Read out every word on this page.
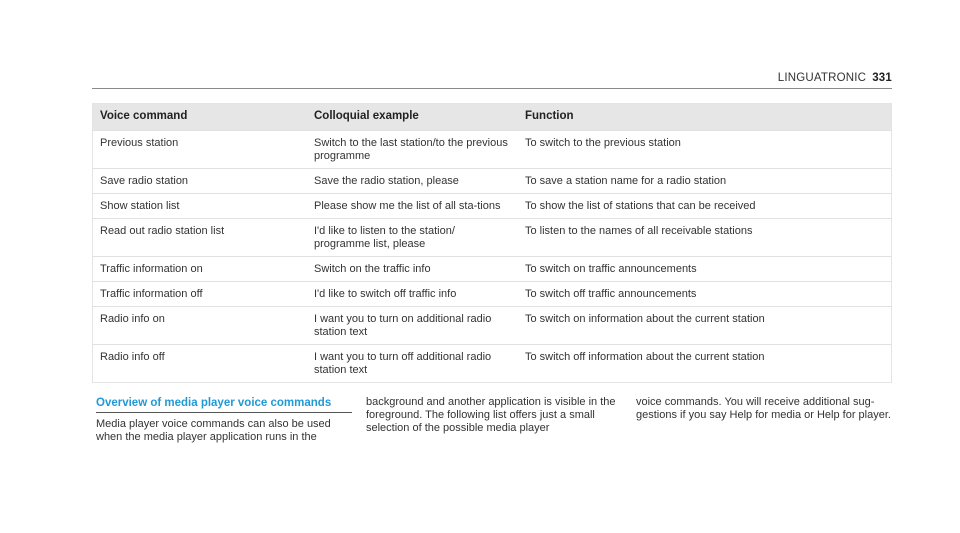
LINGUATRONIC 331
Voice command	Colloquial example	Function
Previous station	Switch to the last station/to the previous programme	To switch to the previous station
Save radio station	Save the radio station, please	To save a station name for a radio station
Show station list	Please show me the list of all sta-tions	To show the list of stations that can be received
Read out radio station list	I'd like to listen to the station/ programme list, please	To listen to the names of all receivable stations
Traffic information on	Switch on the traffic info	To switch on traffic announcements
Traffic information off	I'd like to switch off traffic info	To switch off traffic announcements
Radio info on	I want you to turn on additional radio station text	To switch on information about the current station
Radio info off	I want you to turn off additional radio station text	To switch off information about the current station
Overview of media player voice commands

Media player voice commands can also be used when the media player application runs in the

background and another application is visible in the foreground. The following list offers just a small selection of the possible media player

voice commands. You will receive additional sug-gestions if you say Help for media or Help for player.
